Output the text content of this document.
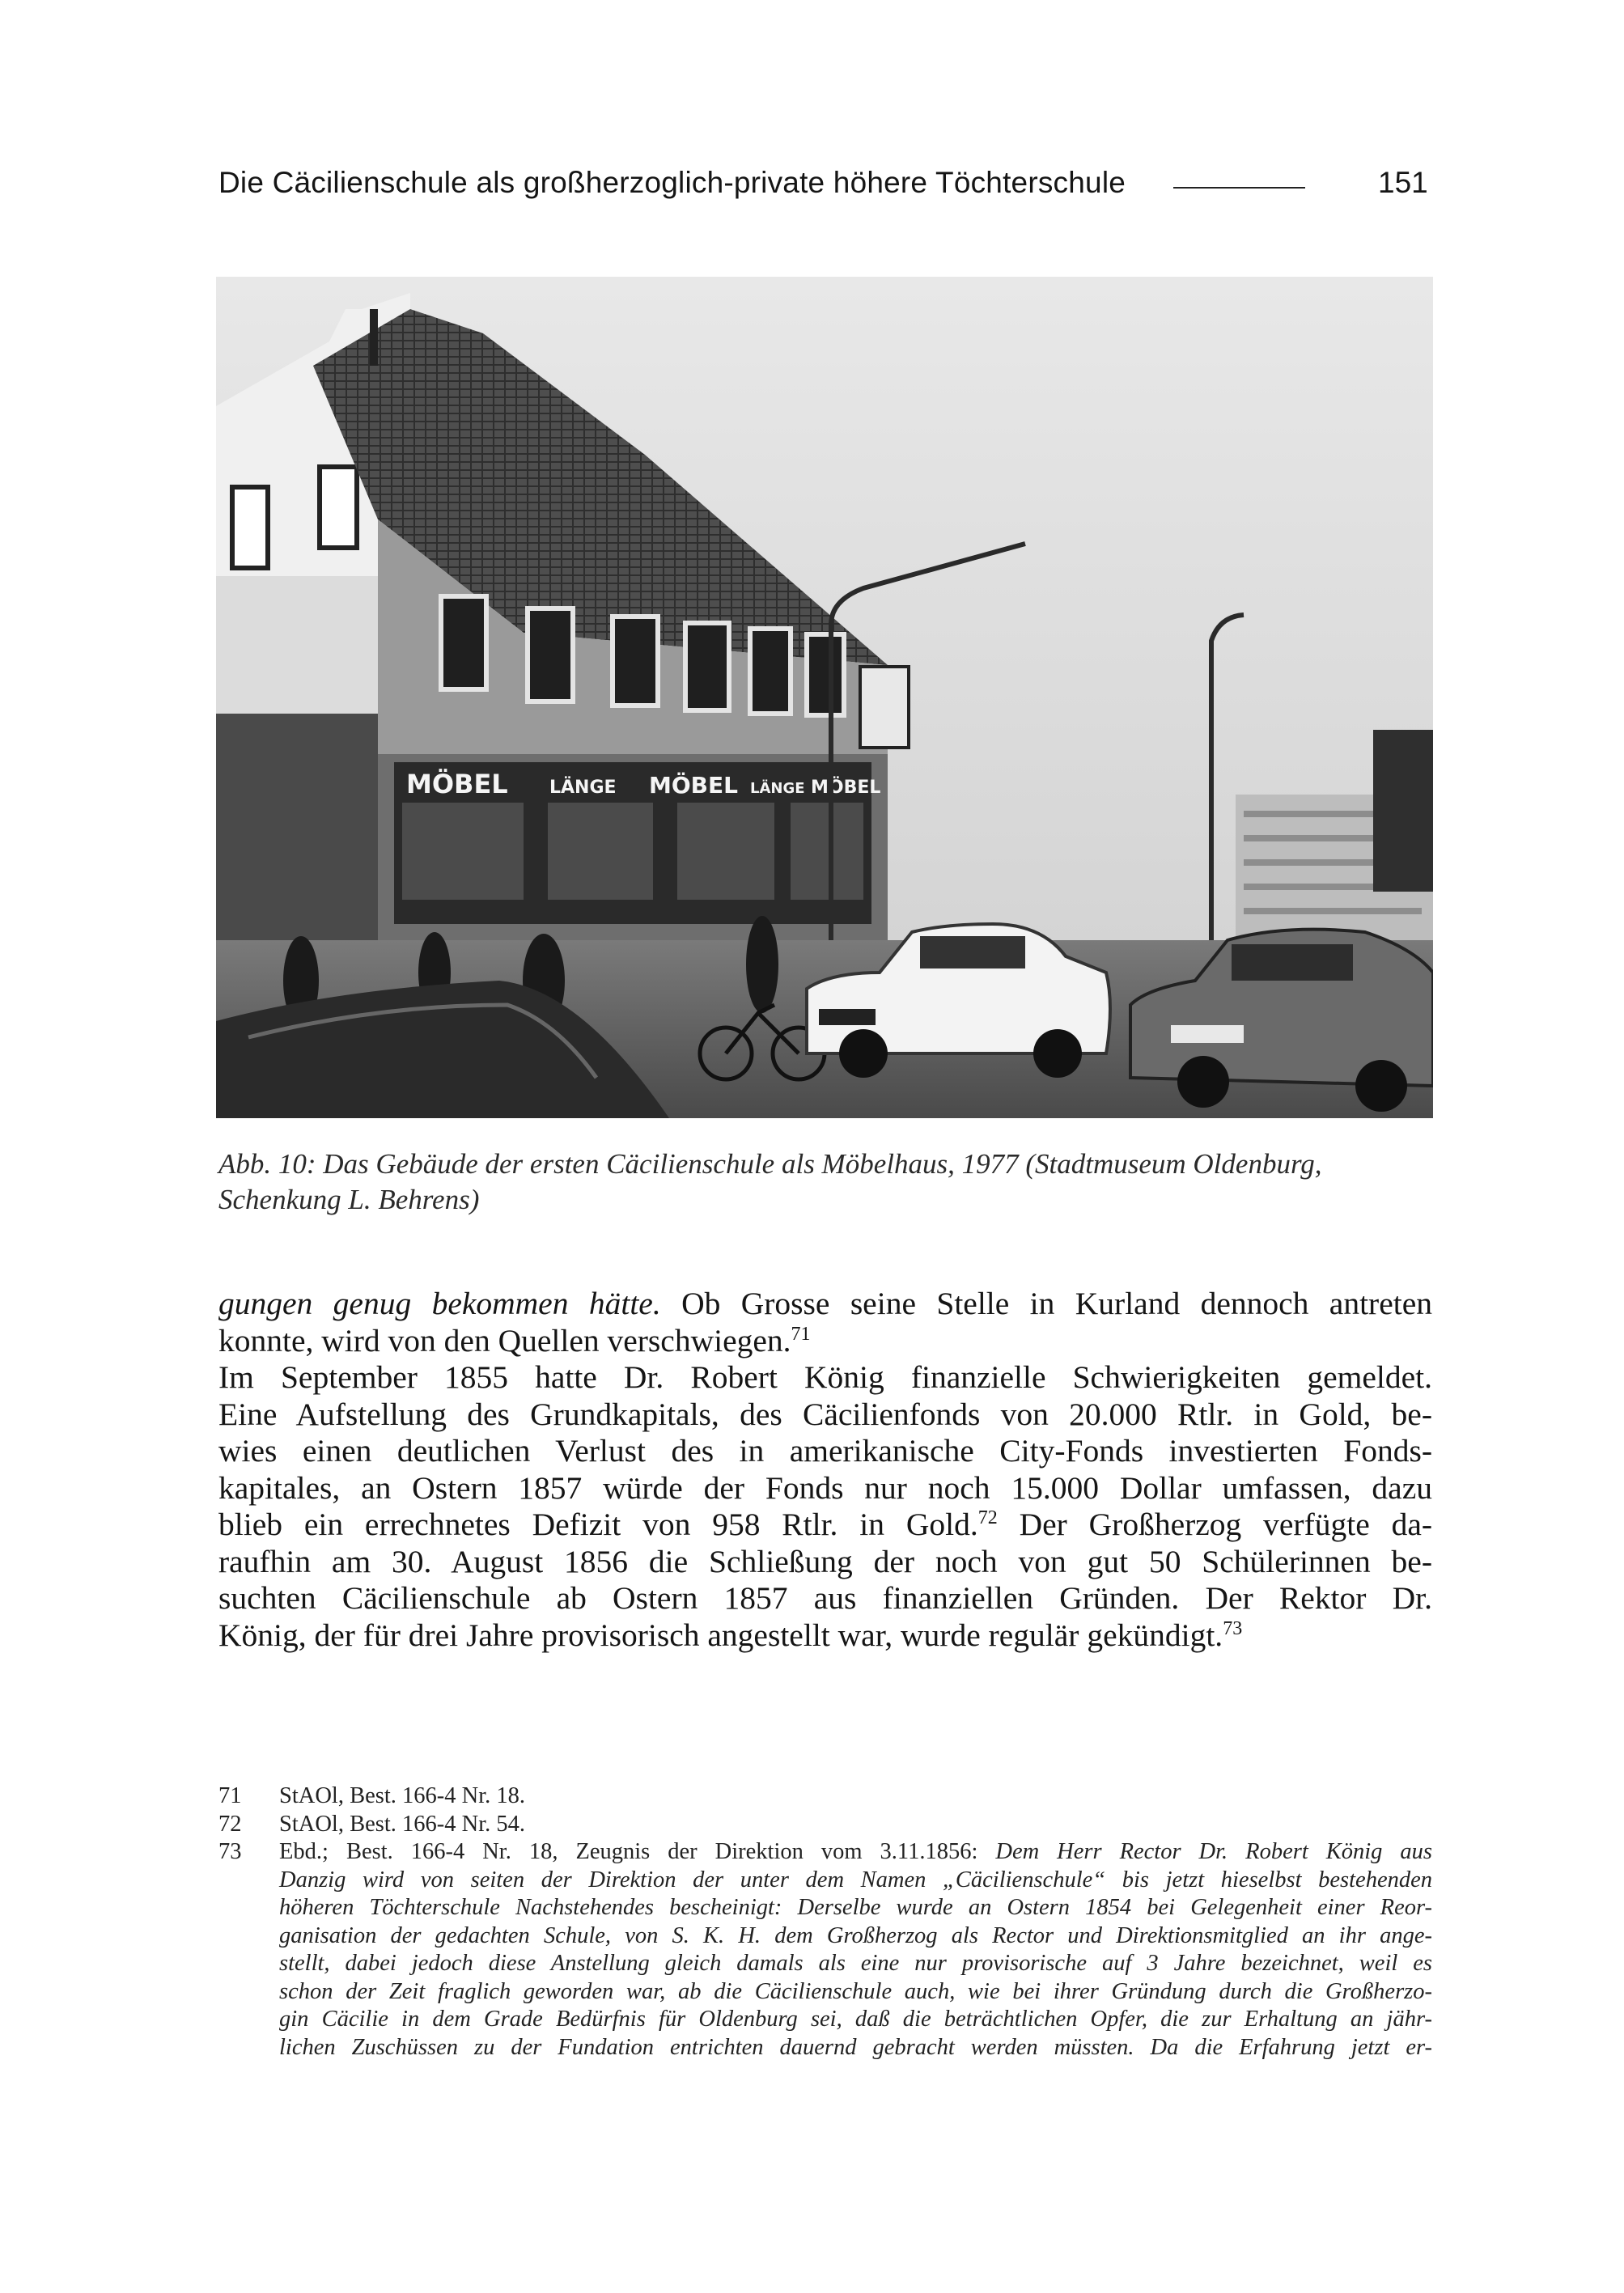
Die Cäcilienschule als großherzoglich-private höhere Töchterschule	151
MÖBEL LÄNGE MÖBEL LÄNGE MÖBEL
Abb. 10: Das Gebäude der ersten Cäcilienschule als Möbelhaus, 1977 (Stadtmuseum Oldenburg,
Schenkung L. Behrens)
gungen genug bekommen hätte. Ob Grosse seine Stelle in Kurland dennoch antreten
konnte, wird von den Quellen verschwiegen.$^{71}$
Im September 1855 hatte Dr. Robert König finanzielle Schwierigkeiten gemeldet.
Eine Aufstellung des Grundkapitals, des Cäcilienfonds von 20.000 Rtlr. in Gold, be-
wies einen deutlichen Verlust des in amerikanische City-Fonds investierten Fonds-
kapitales, an Ostern 1857 würde der Fonds nur noch 15.000 Dollar umfassen, dazu
blieb ein errechnetes Defizit von 958 Rtlr. in Gold.$^{72}$ Der Großherzog verfügte da-
raufhin am 30. August 1856 die Schließung der noch von gut 50 Schülerinnen be-
suchten Cäcilienschule ab Ostern 1857 aus finanziellen Gründen. Der Rektor Dr.
König, der für drei Jahre provisorisch angestellt war, wurde regulär gekündigt.$^{73}$
71 StAOl, Best. 166-4 Nr. 18.
72 StAOl, Best. 166-4 Nr. 54.
73 Ebd.; Best. 166-4 Nr. 18, Zeugnis der Direktion vom 3.11.1856: Dem Herr Rector Dr. Robert König aus
Danzig wird von seiten der Direktion der unter dem Namen „Cäcilienschule“ bis jetzt hieselbst bestehenden
höheren Töchterschule Nachstehendes bescheinigt: Derselbe wurde an Ostern 1854 bei Gelegenheit einer Reor-
ganisation der gedachten Schule, von S. K. H. dem Großherzog als Rector und Direktionsmitglied an ihr ange-
stellt, dabei jedoch diese Anstellung gleich damals als eine nur provisorische auf 3 Jahre bezeichnet, weil es
schon der Zeit fraglich geworden war, ab die Cäcilienschule auch, wie bei ihrer Gründung durch die Großherzo-
gin Cäcilie in dem Grade Bedürfnis für Oldenburg sei, daß die beträchtlichen Opfer, die zur Erhaltung an jähr-
lichen Zuschüssen zu der Fundation entrichten dauernd gebracht werden müssten. Da die Erfahrung jetzt er-
